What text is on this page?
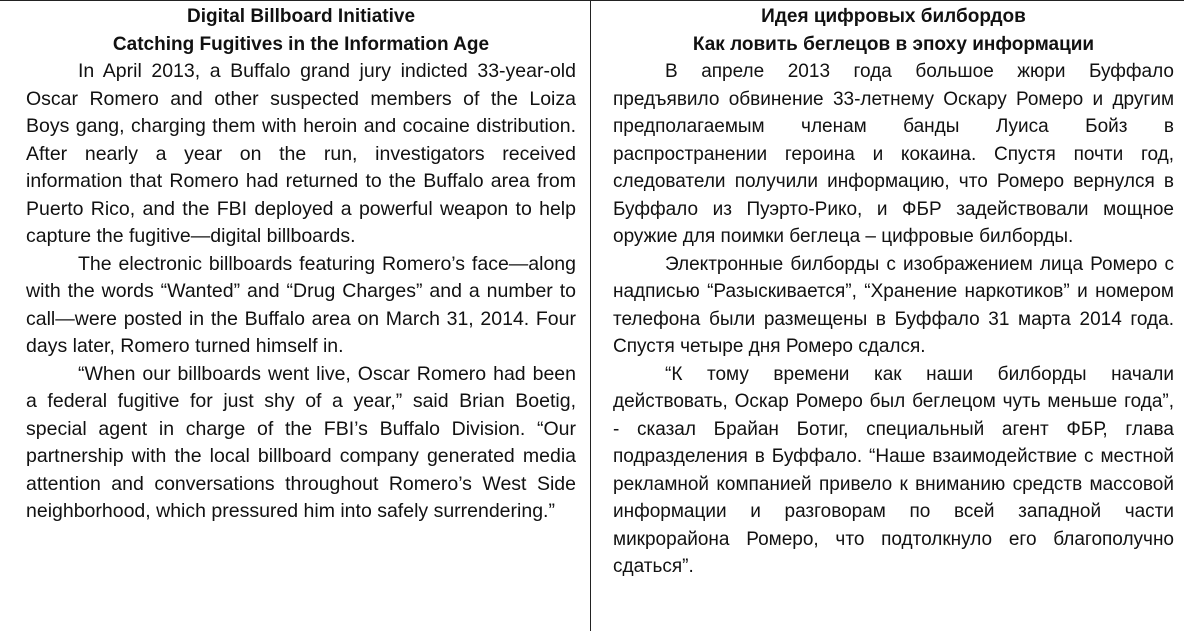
Digital Billboard Initiative
Catching Fugitives in the Information Age

In April 2013, a Buffalo grand jury indicted 33-year-old Oscar Romero and other suspected members of the Loiza Boys gang, charging them with heroin and cocaine distribution. After nearly a year on the run, investigators received information that Romero had returned to the Buffalo area from Puerto Rico, and the FBI deployed a powerful weapon to help capture the fugitive—digital billboards.

The electronic billboards featuring Romero’s face—along with the words “Wanted” and “Drug Charges” and a number to call—were posted in the Buffalo area on March 31, 2014. Four days later, Romero turned himself in.

“When our billboards went live, Oscar Romero had been a federal fugitive for just shy of a year,” said Brian Boetig, special agent in charge of the FBI’s Buffalo Division. “Our partnership with the local billboard company generated media attention and conversations throughout Romero’s West Side neighborhood, which pressured him into safely surrendering.”

Идея цифровых билбордов
Как ловить беглецов в эпоху информации

В апреле 2013 года большое жюри Буффало предъявило обвинение 33-летнему Оскару Ромеро и другим предполагаемым членам банды Луиса Бойз в распространении героина и кокаина. Спустя почти год, следователи получили информацию, что Ромеро вернулся в Буффало из Пуэрто-Рико, и ФБР задействовали мощное оружие для поимки беглеца – цифровые билборды.

Электронные билборды с изображением лица Ромеро с надписью “Разыскивается”, “Хранение наркотиков” и номером телефона были размещены в Буффало 31 марта 2014 года. Спустя четыре дня Ромеро сдался.

“К тому времени как наши билборды начали действовать, Оскар Ромеро был беглецом чуть меньше года”, - сказал Брайан Ботиг, специальный агент ФБР, глава подразделения в Буффало. “Наше взаимодействие с местной рекламной компанией привело к вниманию средств массовой информации и разговорам по всей западной части микрорайона Ромеро, что подтолкнуло его благополучно сдаться”.
